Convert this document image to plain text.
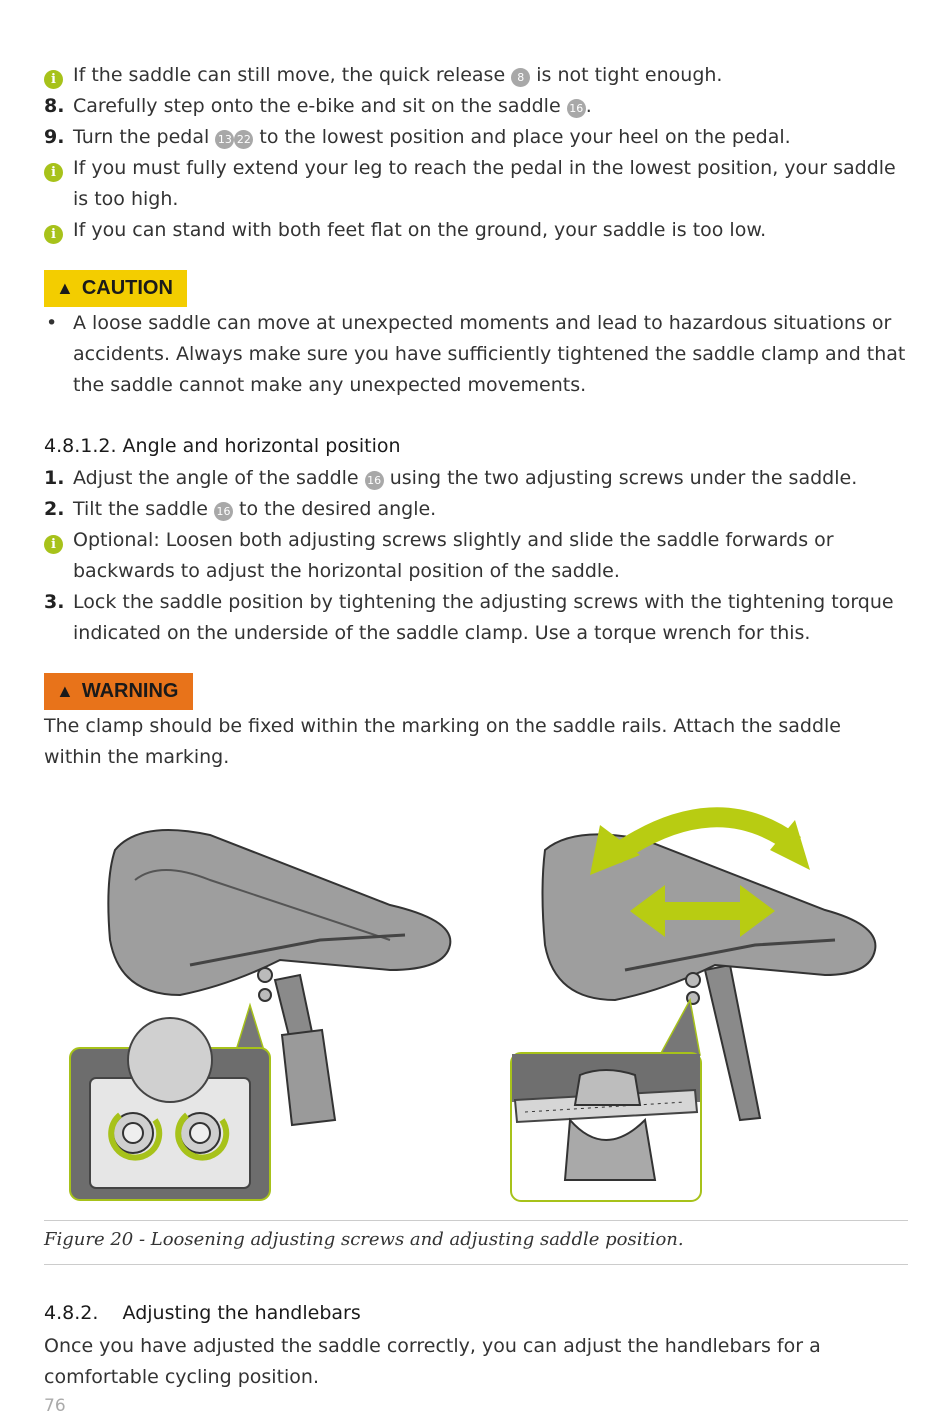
i If the saddle can still move, the quick release 8 is not tight enough.
8. Carefully step onto the e-bike and sit on the saddle 16 .
9. Turn the pedal 13 22 to the lowest position and place your heel on the pedal.
i If you must fully extend your leg to reach the pedal in the lowest position, your saddle is too high.
i If you can stand with both feet flat on the ground, your saddle is too low.
▲ CAUTION
• A loose saddle can move at unexpected moments and lead to hazardous situations or accidents. Always make sure you have sufficiently tightened the saddle clamp and that the saddle cannot make any unexpected movements.
4.8.1.2. Angle and horizontal position
1. Adjust the angle of the saddle 16 using the two adjusting screws under the saddle.
2. Tilt the saddle 16 to the desired angle.
i Optional: Loosen both adjusting screws slightly and slide the saddle forwards or backwards to adjust the horizontal position of the saddle.
3. Lock the saddle position by tightening the adjusting screws with the tightening torque indicated on the underside of the saddle clamp. Use a torque wrench for this.
▲ WARNING
The clamp should be fixed within the marking on the saddle rails. Attach the saddle within the marking.
Figure 20 - Loosening adjusting screws and adjusting saddle position.
4.8.2.    Adjusting the handlebars
Once you have adjusted the saddle correctly, you can adjust the handlebars for a comfortable cycling position.
76
